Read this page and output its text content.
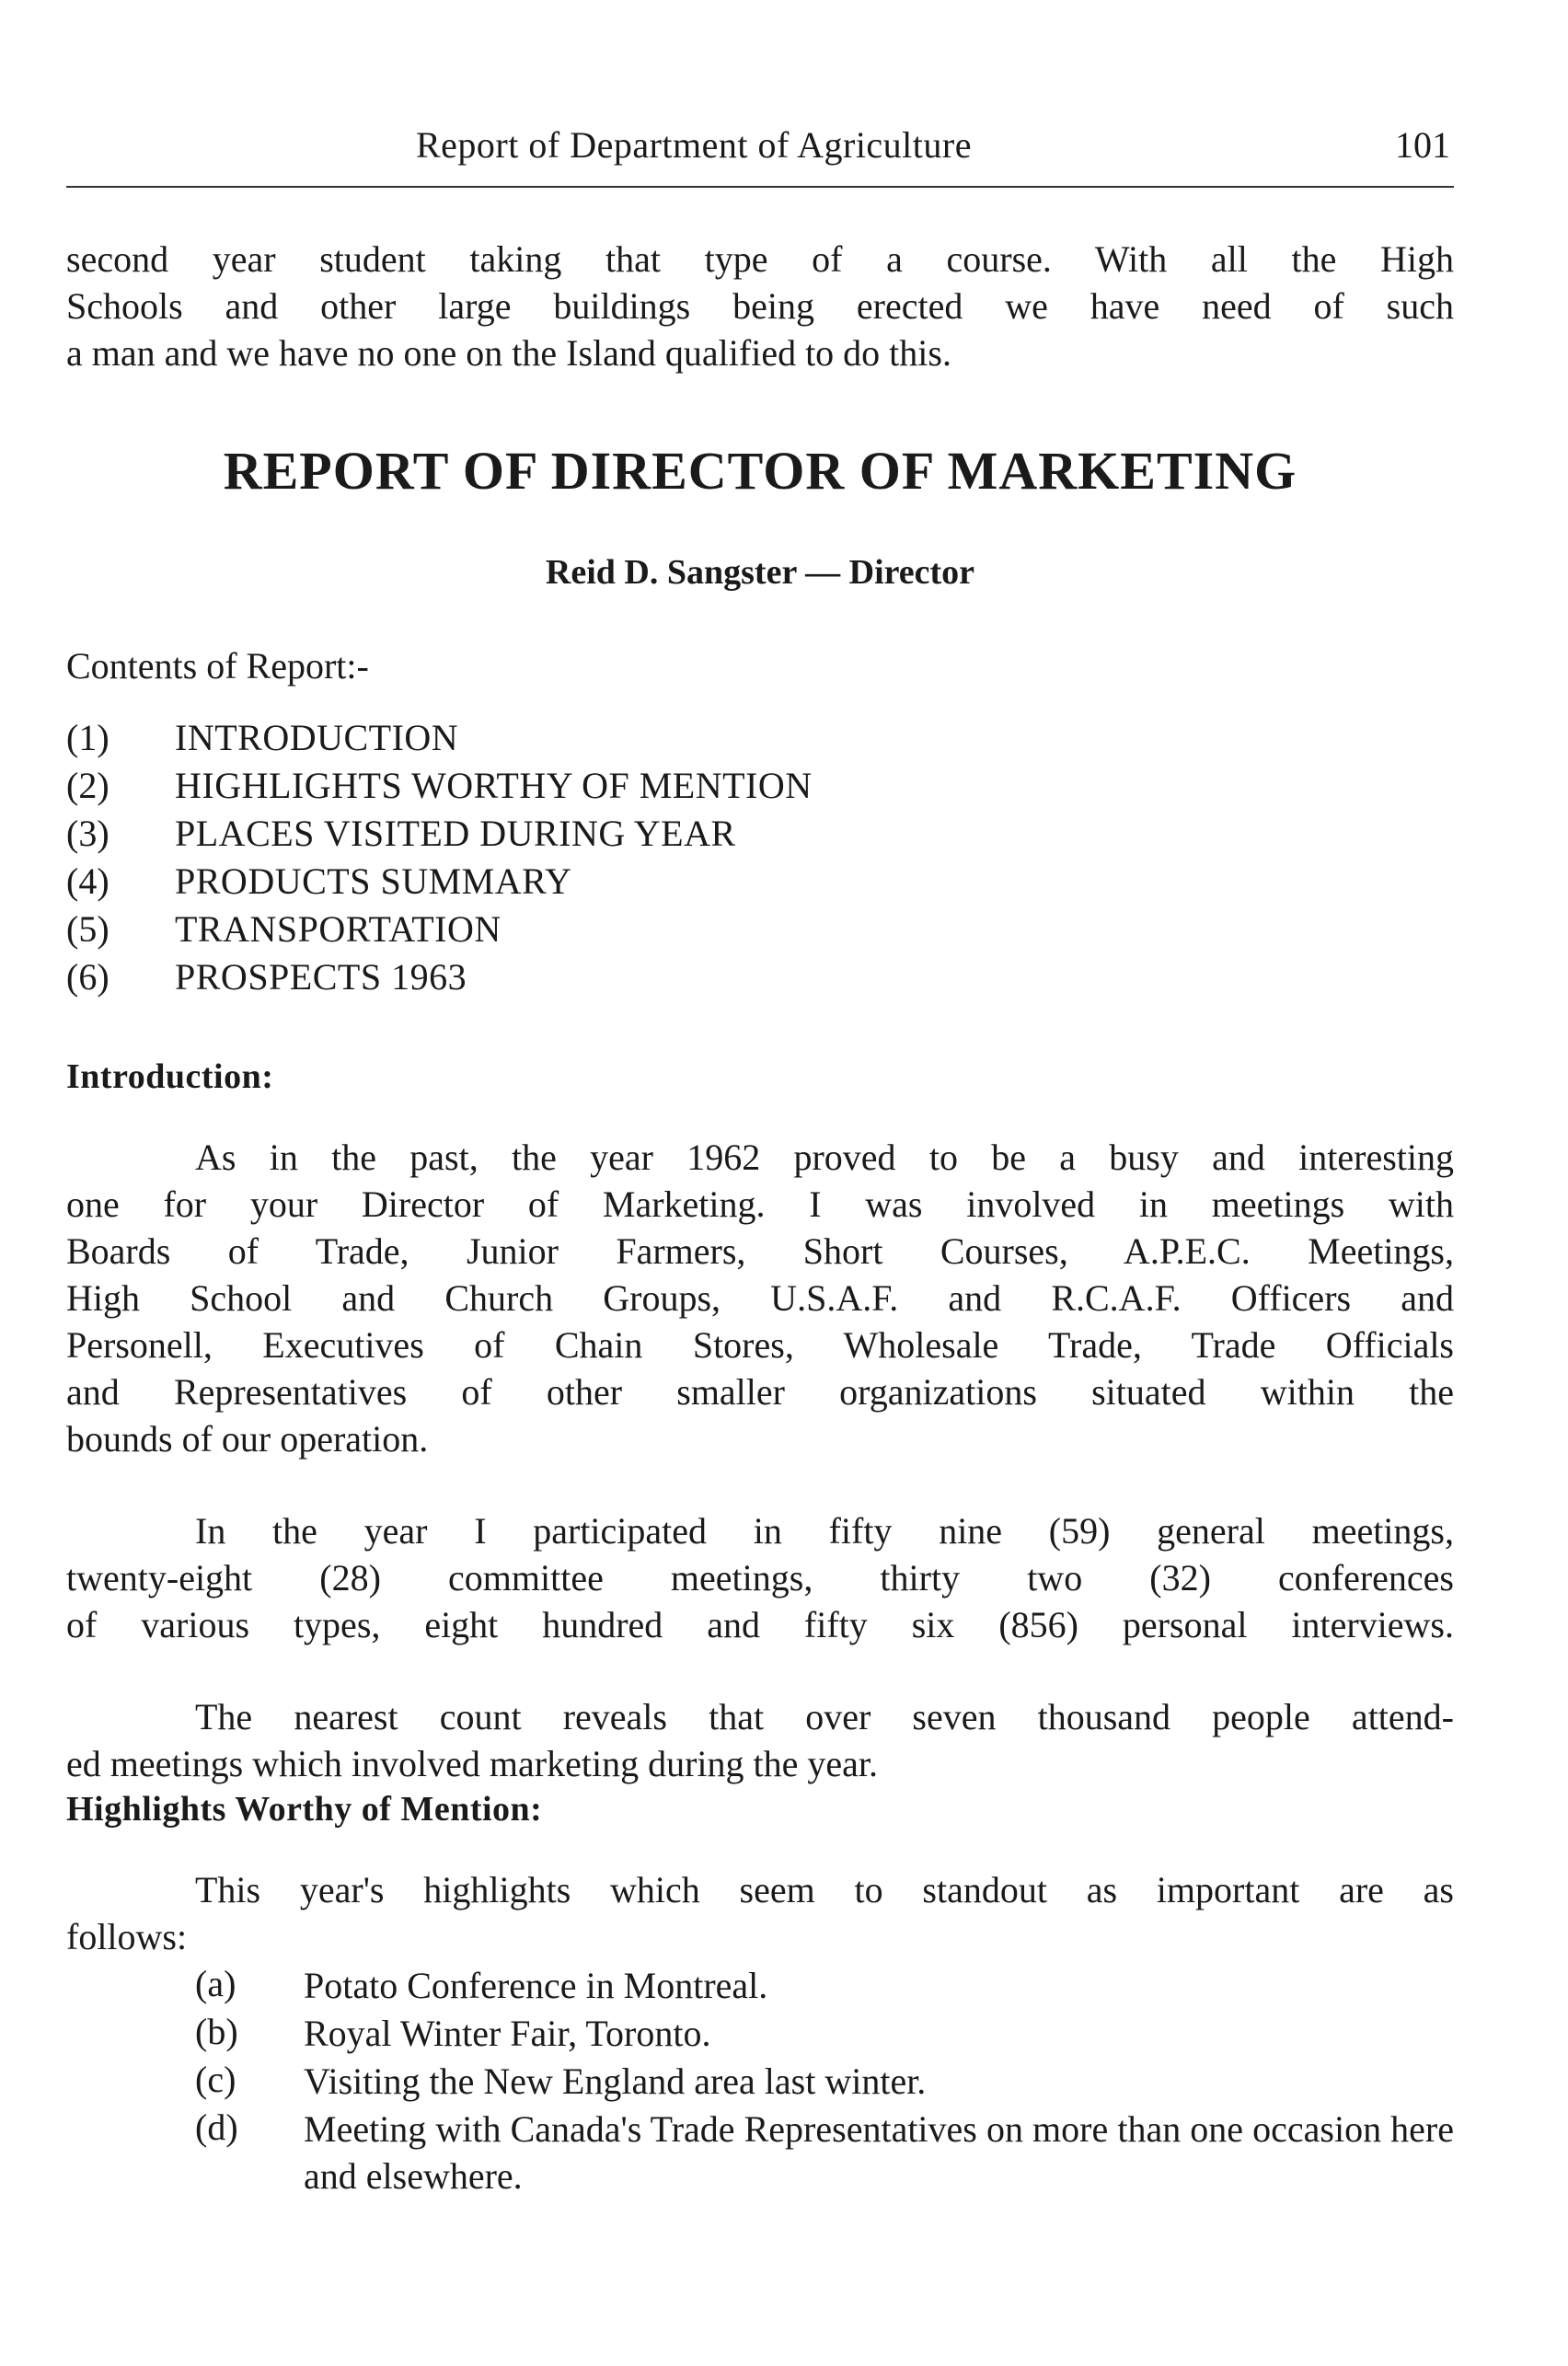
Report of Department of Agriculture	101
second year student taking that type of a course. With all the High
Schools and other large buildings being erected we have need of such
a man and we have no one on the Island qualified to do this.
REPORT OF DIRECTOR OF MARKETING
Reid D. Sangster — Director
Contents of Report:-
(1)	INTRODUCTION
(2)	HIGHLIGHTS WORTHY OF MENTION
(3)	PLACES VISITED DURING YEAR
(4)	PRODUCTS SUMMARY
(5)	TRANSPORTATION
(6)	PROSPECTS 1963
Introduction:
As in the past, the year 1962 proved to be a busy and interesting
one for your Director of Marketing. I was involved in meetings with
Boards of Trade, Junior Farmers, Short Courses, A.P.E.C. Meetings,
High School and Church Groups, U.S.A.F. and R.C.A.F. Officers and
Personell, Executives of Chain Stores, Wholesale Trade, Trade Officials
and Representatives of other smaller organizations situated within the
bounds of our operation.
In the year I participated in fifty nine (59) general meetings,
twenty-eight (28) committee meetings, thirty two (32) conferences
of various types, eight hundred and fifty six (856) personal interviews.
The nearest count reveals that over seven thousand people attend-
ed meetings which involved marketing during the year.
Highlights Worthy of Mention:
This year's highlights which seem to standout as important are as
follows:
(a)	Potato Conference in Montreal.
(b)	Royal Winter Fair, Toronto.
(c)	Visiting the New England area last winter.
(d)	Meeting with Canada's Trade Representatives on more than one occasion here and elsewhere.
